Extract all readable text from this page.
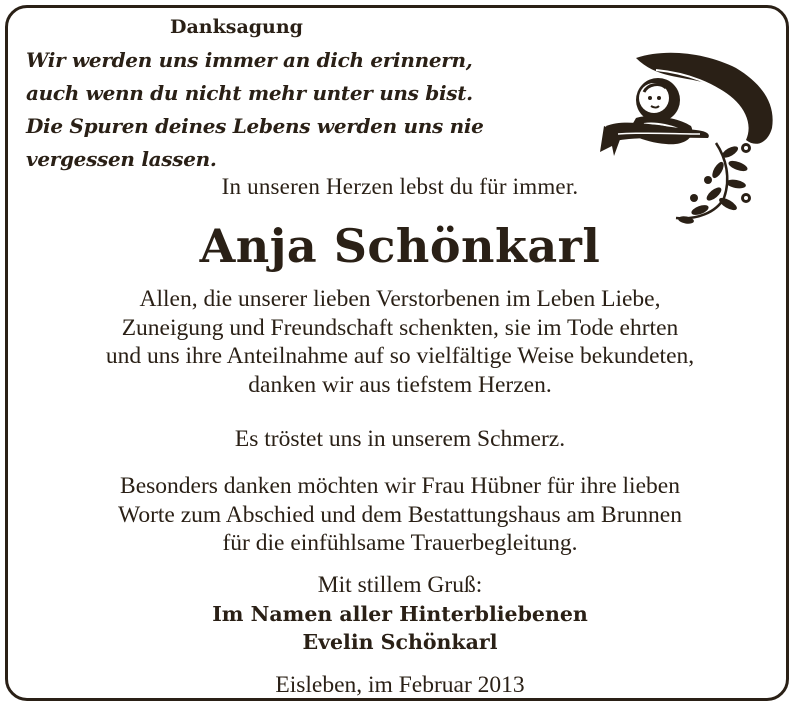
Danksagung
Wir werden uns immer an dich erinnern,
auch wenn du nicht mehr unter uns bist.
Die Spuren deines Lebens werden uns nie
vergessen lassen.
In unseren Herzen lebst du für immer.
Anja Schönkarl
Allen, die unserer lieben Verstorbenen im Leben Liebe,
Zuneigung und Freundschaft schenkten, sie im Tode ehrten
und uns ihre Anteilnahme auf so vielfältige Weise bekundeten,
danken wir aus tiefstem Herzen.
Es tröstet uns in unserem Schmerz.
Besonders danken möchten wir Frau Hübner für ihre lieben
Worte zum Abschied und dem Bestattungshaus am Brunnen
für die einfühlsame Trauerbegleitung.
Mit stillem Gruß:
Im Namen aller Hinterbliebenen
Evelin Schönkarl
Eisleben, im Februar 2013
